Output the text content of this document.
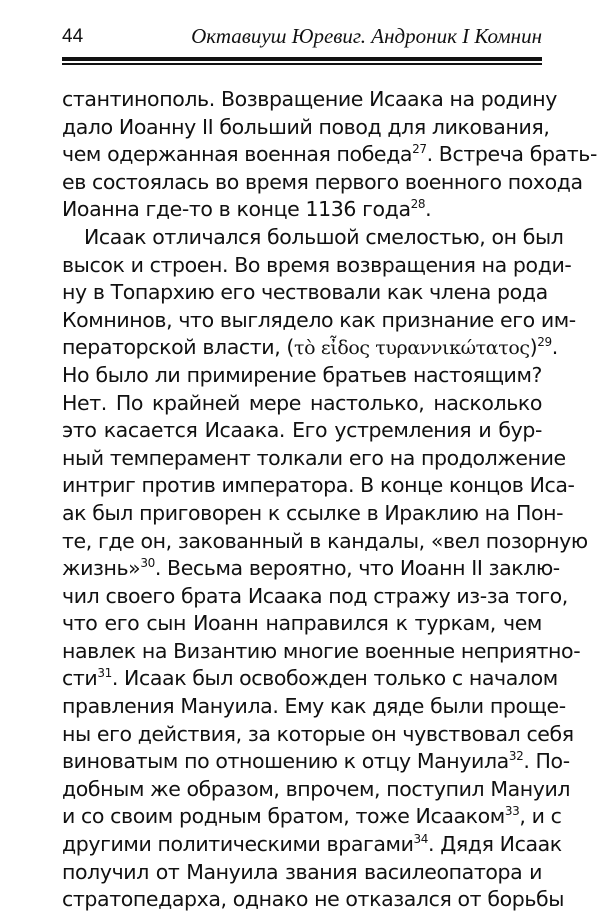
44	Октавиуш Юревиг. Андроник I Комнин
стантинополь. Возвращение Исаака на родину
дало Иоанну II больший повод для ликования,
чем одержанная военная победа$^{27}$. Встреча брать-
ев состоялась во время первого военного похода
Иоанна где-то в конце 1136 года$^{28}$.
Исаак отличался большой смелостью, он был
высок и строен. Во время возвращения на роди-
ну в Топархию его чествовали как члена рода
Комнинов, что выглядело как признание его им-
ператорской власти, (τὸ εἶδος τυραννικώτατος)$^{29}$.
Но было ли примирение братьев настоящим?
Нет. По крайней мере настолько, насколько
это касается Исаака. Его устремления и бур-
ный темперамент толкали его на продолжение
интриг против императора. В конце концов Иса-
ак был приговорен к ссылке в Ираклию на Пон-
те, где он, закованный в кандалы, «вел позорную
жизнь»$^{30}$. Весьма вероятно, что Иоанн II заклю-
чил своего брата Исаака под стражу из-за того,
что его сын Иоанн направился к туркам, чем
навлек на Византию многие военные неприятно-
сти$^{31}$. Исаак был освобожден только с началом
правления Мануила. Ему как дяде были проще-
ны его действия, за которые он чувствовал себя
виноватым по отношению к отцу Мануила$^{32}$. По-
добным же образом, впрочем, поступил Мануил
и со своим родным братом, тоже Исааком$^{33}$, и с
другими политическими врагами$^{34}$. Дядя Исаак
получил от Мануила звания василеопатора и
стратопедарха, однако не отказался от борьбы
